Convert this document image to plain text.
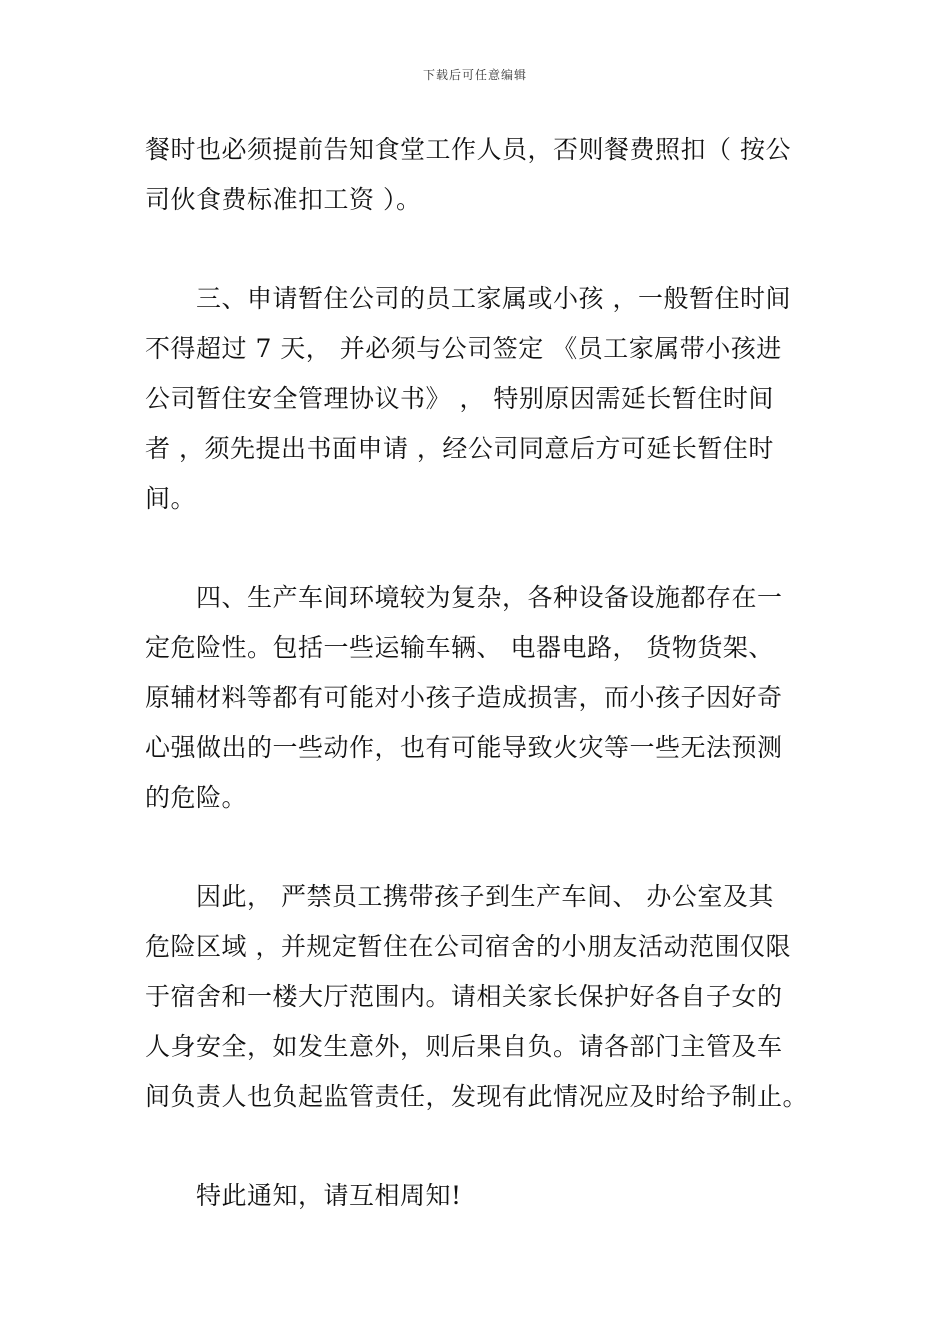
下载后可任意编辑
餐时也必须提前告知食堂工作人员，否则餐费照扣（ 按公
司伙食费标准扣工资 ）。
　　三、申请暂住公司的员工家属或小孩 ，一般暂住时间
不得超过 7 天， 并必须与公司签定 《员工家属带小孩进
公司暂住安全管理协议书》 ， 特别原因需延长暂住时间
者 ，须先提出书面申请 ，经公司同意后方可延长暂住时
间。
　　四、生产车间环境较为复杂，各种设备设施都存在一
定危险性。包括一些运输车辆、 电器电路， 货物货架、
原辅材料等都有可能对小孩子造成损害，而小孩子因好奇
心强做出的一些动作，也有可能导致火灾等一些无法预测
的危险。
　　因此， 严禁员工携带孩子到生产车间、 办公室及其
危险区域 ，并规定暂住在公司宿舍的小朋友活动范围仅限
于宿舍和一楼大厅范围内。请相关家长保护好各自子女的
人身安全，如发生意外，则后果自负。请各部门主管及车
间负责人也负起监管责任，发现有此情况应及时给予制止。
　　特此通知，请互相周知!
